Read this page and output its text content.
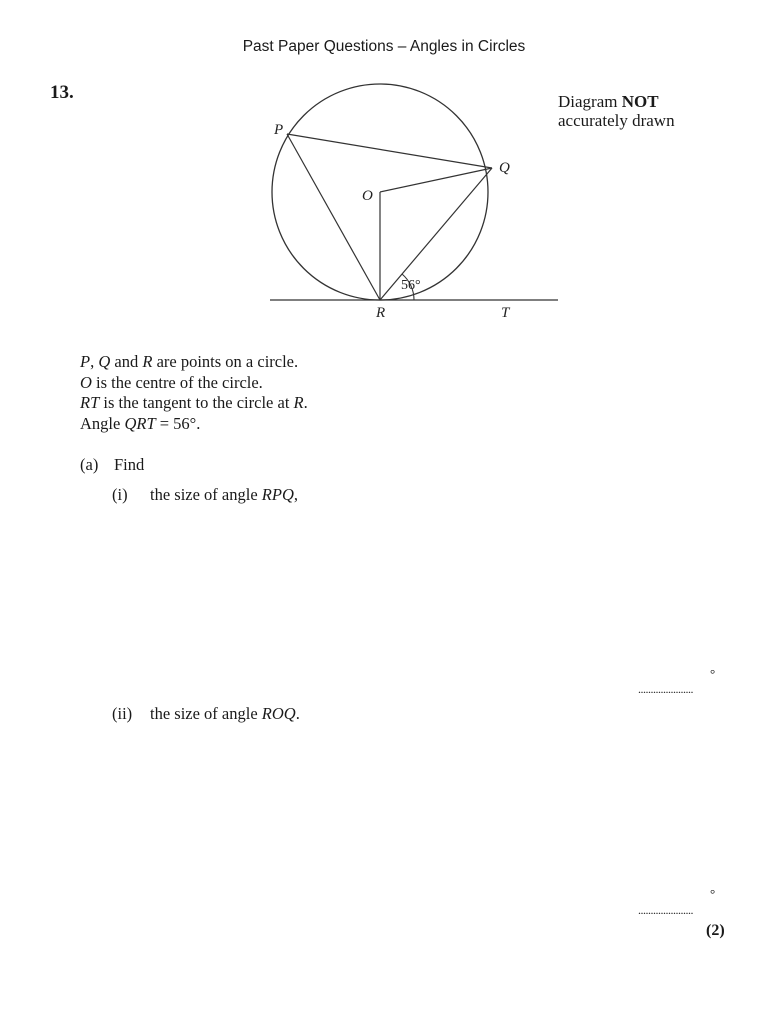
Past Paper Questions – Angles in Circles
13.
P
Q
O
R	T
56°
Diagram NOT
accurately drawn
P, Q and R are points on a circle.
O is the centre of the circle.
RT is the tangent to the circle at R.
Angle QRT = 56°.
(a) Find
(i) the size of angle RPQ,
°
......................
(ii) the size of angle ROQ.
°
......................
(2)
